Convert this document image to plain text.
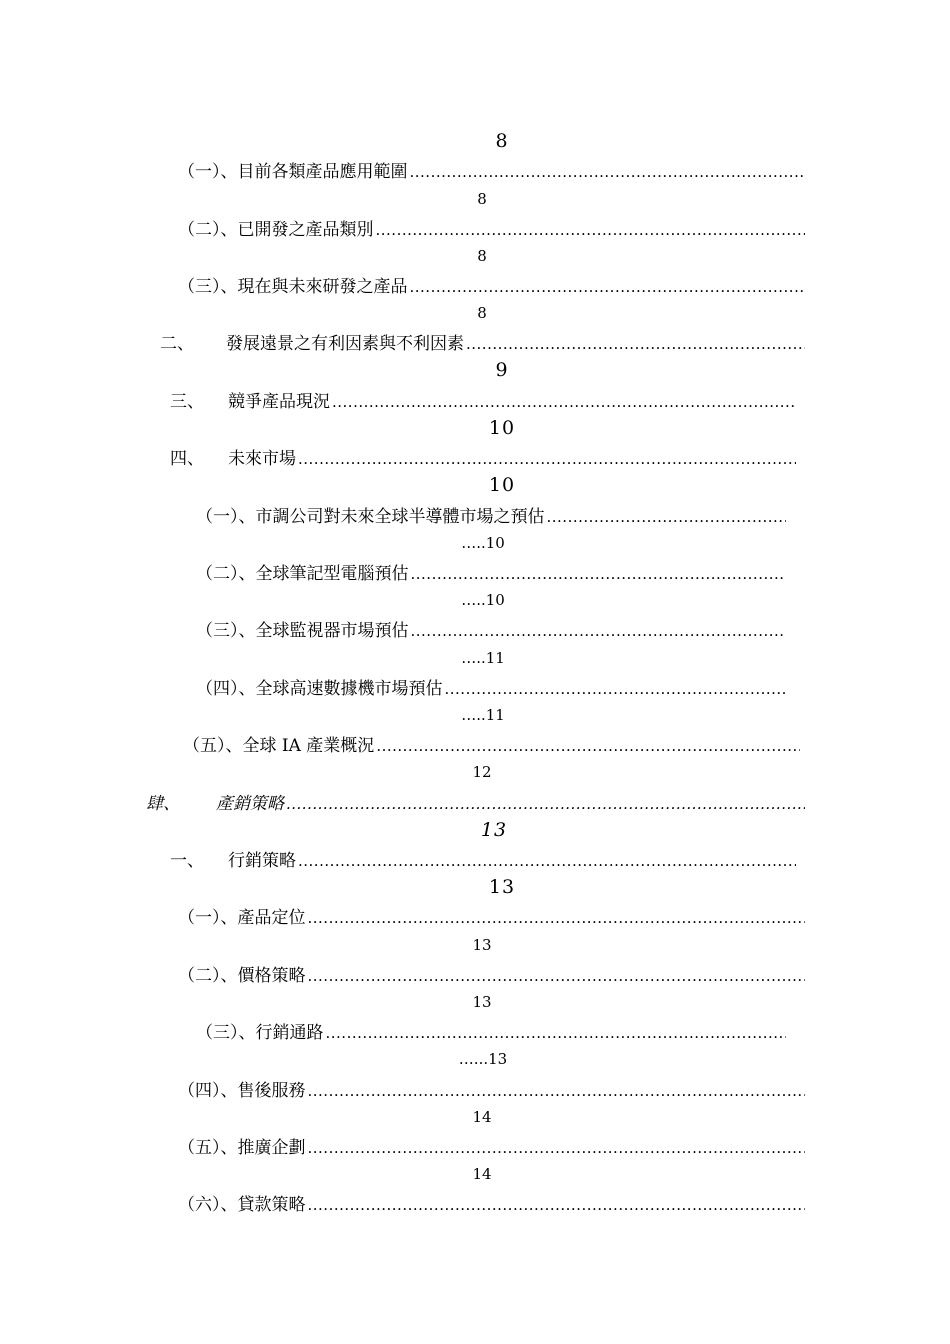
8
（一）、目前各類產品應用範圍
.....
8
（二）、已開發之產品類別
.....
8
（三）、現在與未來研發之產品
.....
8
二、 發展遠景之有利因素與不利因素
.....
9
三、 競爭產品現況
.....
10
四、 未來市場
.....
10
（一）、市調公司對未來全球半導體市場之預估
.....
…..10
（二）、全球筆記型電腦預估
.....
…..10
（三）、全球監視器市場預估
.....
…..11
（四）、全球高速數據機市場預估
.....
…..11
（五）、全球 IA 產業概況
.....
12
肆、 產銷策略
.....
13
一、 行銷策略
.....
13
（一）、產品定位
.....
13
（二）、價格策略
.....
13
（三）、行銷通路
.....
…...13
（四）、售後服務
.....
14
（五）、推廣企劃
.....
14
（六）、貸款策略
.....
